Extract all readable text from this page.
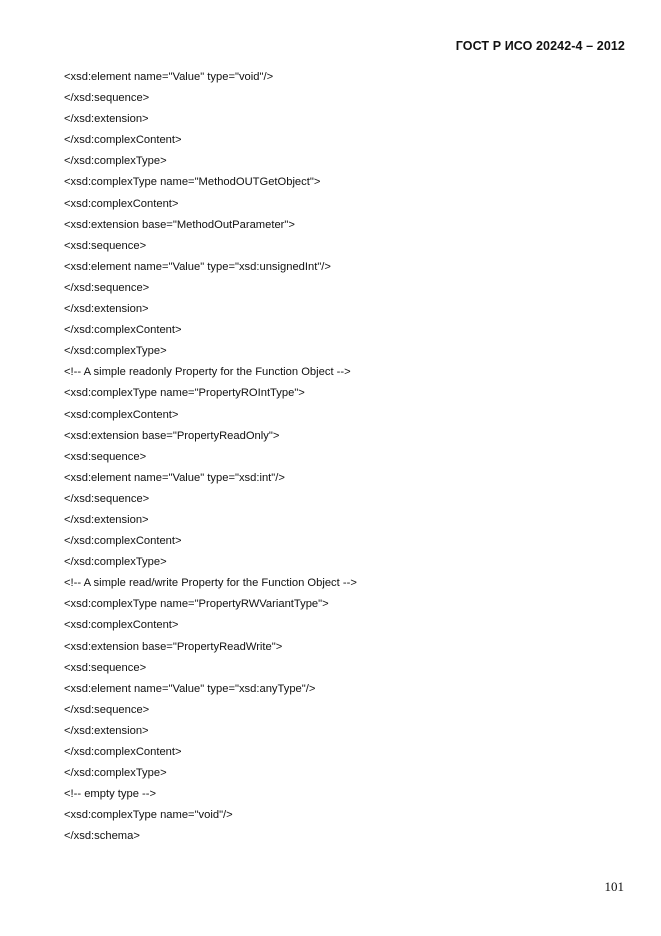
ГОСТ Р ИСО 20242-4 – 2012
<xsd:element name="Value" type="void"/>
</xsd:sequence>
</xsd:extension>
</xsd:complexContent>
</xsd:complexType>
<xsd:complexType name="MethodOUTGetObject">
<xsd:complexContent>
<xsd:extension base="MethodOutParameter">
<xsd:sequence>
<xsd:element name="Value" type="xsd:unsignedInt"/>
</xsd:sequence>
</xsd:extension>
</xsd:complexContent>
</xsd:complexType>
<!-- A simple readonly Property for the Function Object -->
<xsd:complexType name="PropertyROIntType">
<xsd:complexContent>
<xsd:extension base="PropertyReadOnly">
<xsd:sequence>
<xsd:element name="Value" type="xsd:int"/>
</xsd:sequence>
</xsd:extension>
</xsd:complexContent>
</xsd:complexType>
<!-- A simple read/write Property for the Function Object -->
<xsd:complexType name="PropertyRWVariantType">
<xsd:complexContent>
<xsd:extension base="PropertyReadWrite">
<xsd:sequence>
<xsd:element name="Value" type="xsd:anyType"/>
</xsd:sequence>
</xsd:extension>
</xsd:complexContent>
</xsd:complexType>
<!-- empty type -->
<xsd:complexType name="void"/>
</xsd:schema>
101
